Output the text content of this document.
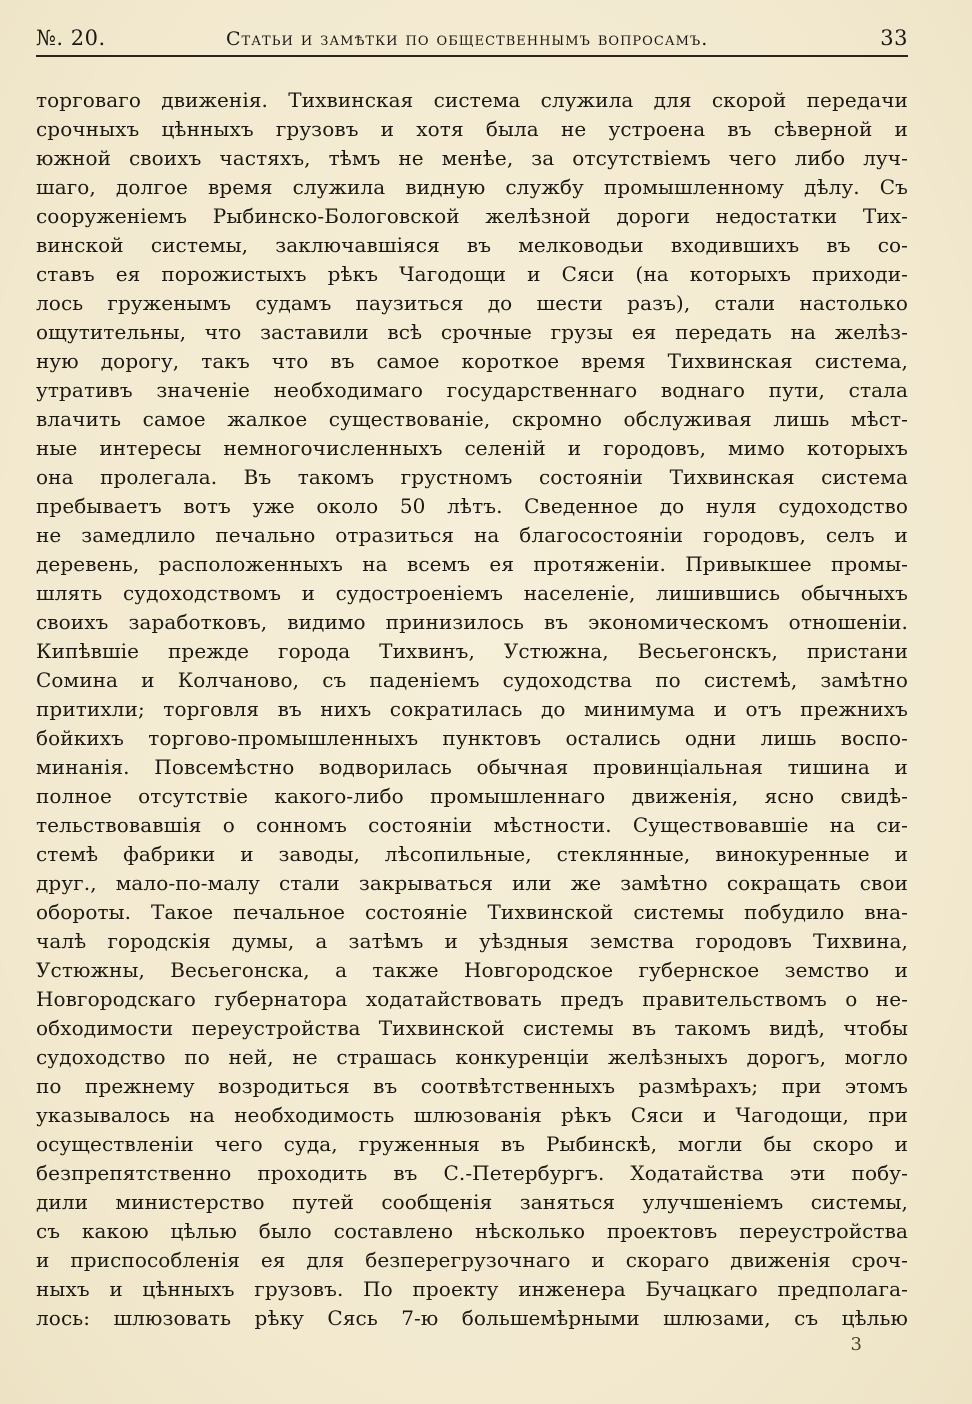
№. 20.	Статьи и замѣтки по общественнымъ вопросамъ.	33
торговаго движенія. Тихвинская система служила для скорой передачи
срочныхъ цѣнныхъ грузовъ и хотя была не устроена въ сѣверной и
южной своихъ частяхъ, тѣмъ не менѣе, за отсутствіемъ чего либо луч-
шаго, долгое время служила видную службу промышленному дѣлу. Съ
сооруженіемъ Рыбинско-Бологовской желѣзной дороги недостатки Тих-
винской системы, заключавшіяся въ мелководьи входившихъ въ со-
ставъ ея порожистыхъ рѣкъ Чагодощи и Сяси (на которыхъ приходи-
лось груженымъ судамъ паузиться до шести разъ), стали настолько
ощутительны, что заставили всѣ срочные грузы ея передать на желѣз-
ную дорогу, такъ что въ самое короткое время Тихвинская система,
утративъ значеніе необходимаго государственнаго воднаго пути, стала
влачить самое жалкое существованіе, скромно обслуживая лишь мѣст-
ные интересы немногочисленныхъ селеній и городовъ, мимо которыхъ
она пролегала. Въ такомъ грустномъ состояніи Тихвинская система
пребываетъ вотъ уже около 50 лѣтъ. Сведенное до нуля судоходство
не замедлило печально отразиться на благосостояніи городовъ, селъ и
деревень, расположенныхъ на всемъ ея протяженіи. Привыкшее промы-
шлять судоходствомъ и судостроеніемъ населеніе, лишившись обычныхъ
своихъ заработковъ, видимо принизилось въ экономическомъ отношеніи.
Кипѣвшіе прежде города Тихвинъ, Устюжна, Весьегонскъ, пристани
Сомина и Колчаново, съ паденіемъ судоходства по системѣ, замѣтно
притихли; торговля въ нихъ сократилась до минимума и отъ прежнихъ
бойкихъ торгово-промышленныхъ пунктовъ остались одни лишь воспо-
минанія. Повсемѣстно водворилась обычная провинціальная тишина и
полное отсутствіе какого-либо промышленнаго движенія, ясно свидѣ-
тельствовавшія о сонномъ состояніи мѣстности. Существовавшіе на си-
стемѣ фабрики и заводы, лѣсопильные, стеклянные, винокуренные и
друг., мало-по-малу стали закрываться или же замѣтно сокращать свои
обороты. Такое печальное состояніе Тихвинской системы побудило вна-
чалѣ городскія думы, а затѣмъ и уѣздныя земства городовъ Тихвина,
Устюжны, Весьегонска, а также Новгородское губернское земство и
Новгородскаго губернатора ходатайствовать предъ правительствомъ о не-
обходимости переустройства Тихвинской системы въ такомъ видѣ, чтобы
судоходство по ней, не страшась конкуренціи желѣзныхъ дорогъ, могло
по прежнему возродиться въ соотвѣтственныхъ размѣрахъ; при этомъ
указывалось на необходимость шлюзованія рѣкъ Сяси и Чагодощи, при
осуществленіи чего суда, груженныя въ Рыбинскѣ, могли бы скоро и
безпрепятственно проходить въ С.-Петербургъ. Ходатайства эти побу-
дили министерство путей сообщенія заняться улучшеніемъ системы,
съ какою цѣлью было составлено нѣсколько проектовъ переустройства
и приспособленія ея для безперегрузочнаго и скораго движенія сроч-
ныхъ и цѣнныхъ грузовъ. По проекту инженера Бучацкаго предполага-
лось: шлюзовать рѣку Сясь 7-ю большемѣрными шлюзами, съ цѣлью
3
